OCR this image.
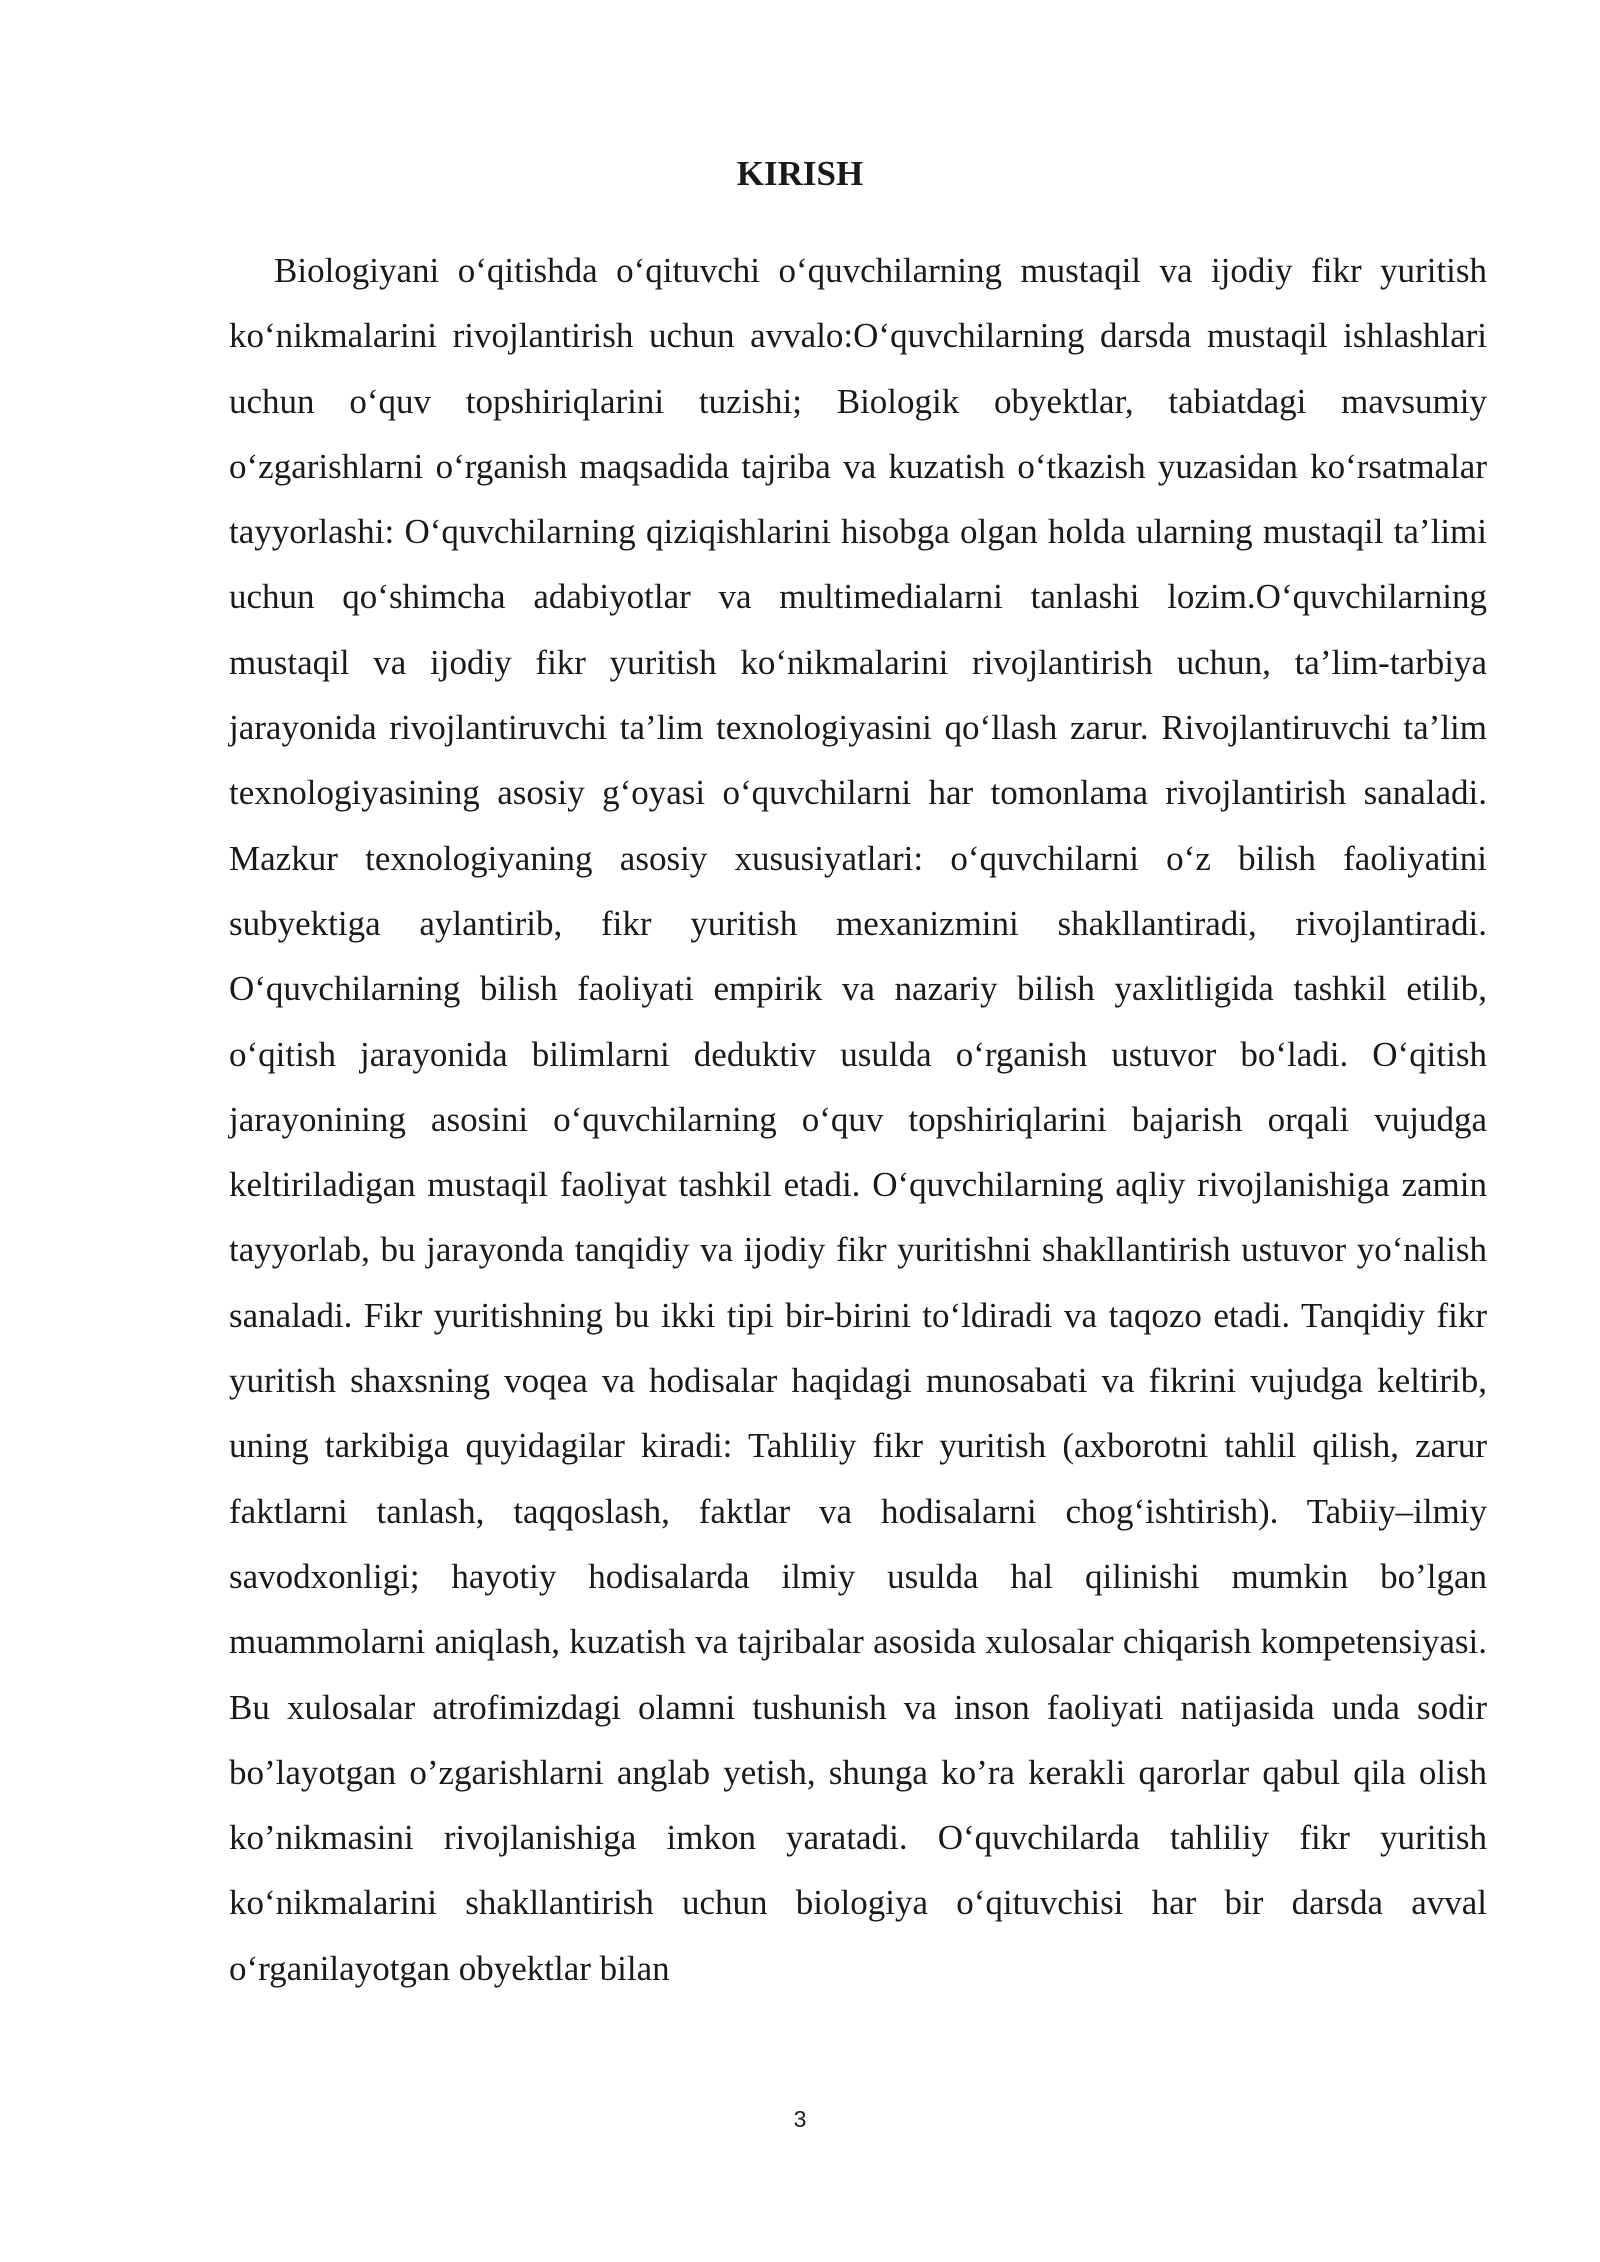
KIRISH

Biologiyani o‘qitishda o‘qituvchi o‘quvchilarning mustaqil va ijodiy fikr yuritish ko‘nikmalarini rivojlantirish uchun avvalo:O‘quvchilarning darsda mustaqil ishlashlari uchun o‘quv topshiriqlarini tuzishi; Biologik obyektlar, tabiatdagi mavsumiy o‘zgarishlarni o‘rganish maqsadida tajriba va kuzatish o‘tkazish yuzasidan ko‘rsatmalar tayyorlashi: O‘quvchilarning qiziqishlarini hisobga olgan holda ularning mustaqil ta’limi uchun qo‘shimcha adabiyotlar va multimedialarni tanlashi lozim.O‘quvchilarning mustaqil va ijodiy fikr yuritish ko‘nikmalarini rivojlantirish uchun, ta’lim-tarbiya jarayonida rivojlantiruvchi ta’lim texnologiyasini qo‘llash zarur. Rivojlantiruvchi ta’lim texnologiyasining asosiy g‘oyasi o‘quvchilarni har tomonlama rivojlantirish sanaladi. Mazkur texnologiyaning asosiy xususiyatlari: o‘quvchilarni o‘z bilish faoliyatini subyektiga aylantirib, fikr yuritish mexanizmini shakllantiradi, rivojlantiradi. O‘quvchilarning bilish faoliyati empirik va nazariy bilish yaxlitligida tashkil etilib, o‘qitish jarayonida bilimlarni deduktiv usulda o‘rganish ustuvor bo‘ladi. O‘qitish jarayonining asosini o‘quvchilarning o‘quv topshiriqlarini bajarish orqali vujudga keltiriladigan mustaqil faoliyat tashkil etadi. O‘quvchilarning aqliy rivojlanishiga zamin tayyorlab, bu jarayonda tanqidiy va ijodiy fikr yuritishni shakllantirish ustuvor yo‘nalish sanaladi. Fikr yuritishning bu ikki tipi bir-birini to‘ldiradi va taqozo etadi. Tanqidiy fikr yuritish shaxsning voqea va hodisalar haqidagi munosabati va fikrini vujudga keltirib, uning tarkibiga quyidagilar kiradi: Tahliliy fikr yuritish (axborotni tahlil qilish, zarur faktlarni tanlash, taqqoslash, faktlar va hodisalarni chog‘ishtirish). Tabiiy–ilmiy savodxonligi; hayotiy hodisalarda ilmiy usulda hal qilinishi mumkin bo’lgan muammolarni aniqlash, kuzatish va tajribalar asosida xulosalar chiqarish kompetensiyasi. Bu xulosalar atrofimizdagi olamni tushunish va inson faoliyati natijasida unda sodir bo’layotgan o’zgarishlarni anglab yetish, shunga ko’ra kerakli qarorlar qabul qila olish ko’nikmasini rivojlanishiga imkon yaratadi. O‘quvchilarda tahliliy fikr yuritish ko‘nikmalarini shakllantirish uchun biologiya o‘qituvchisi har bir darsda avval o‘rganilayotgan obyektlar bilan

3
